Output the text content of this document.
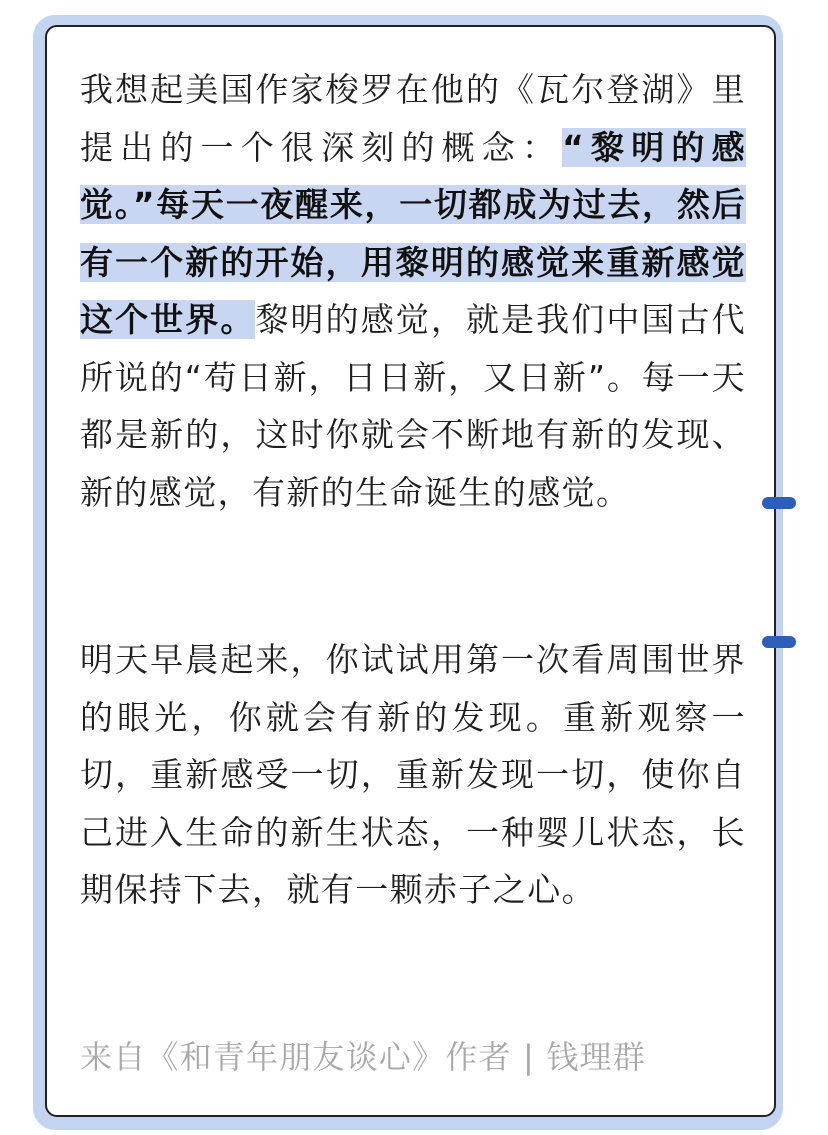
我想起美国作家梭罗在他的《瓦尔登湖》里提出的一个很深刻的概念：“黎明的感觉。”每天一夜醒来，一切都成为过去，然后有一个新的开始，用黎明的感觉来重新感觉这个世界。黎明的感觉，就是我们中国古代所说的“苟日新，日日新，又日新”。每一天都是新的，这时你就会不断地有新的发现、新的感觉，有新的生命诞生的感觉。
明天早晨起来，你试试用第一次看周围世界的眼光，你就会有新的发现。重新观察一切，重新感受一切，重新发现一切，使你自己进入生命的新生状态，一种婴儿状态，长期保持下去，就有一颗赤子之心。
来自《和青年朋友谈心》作者 | 钱理群
